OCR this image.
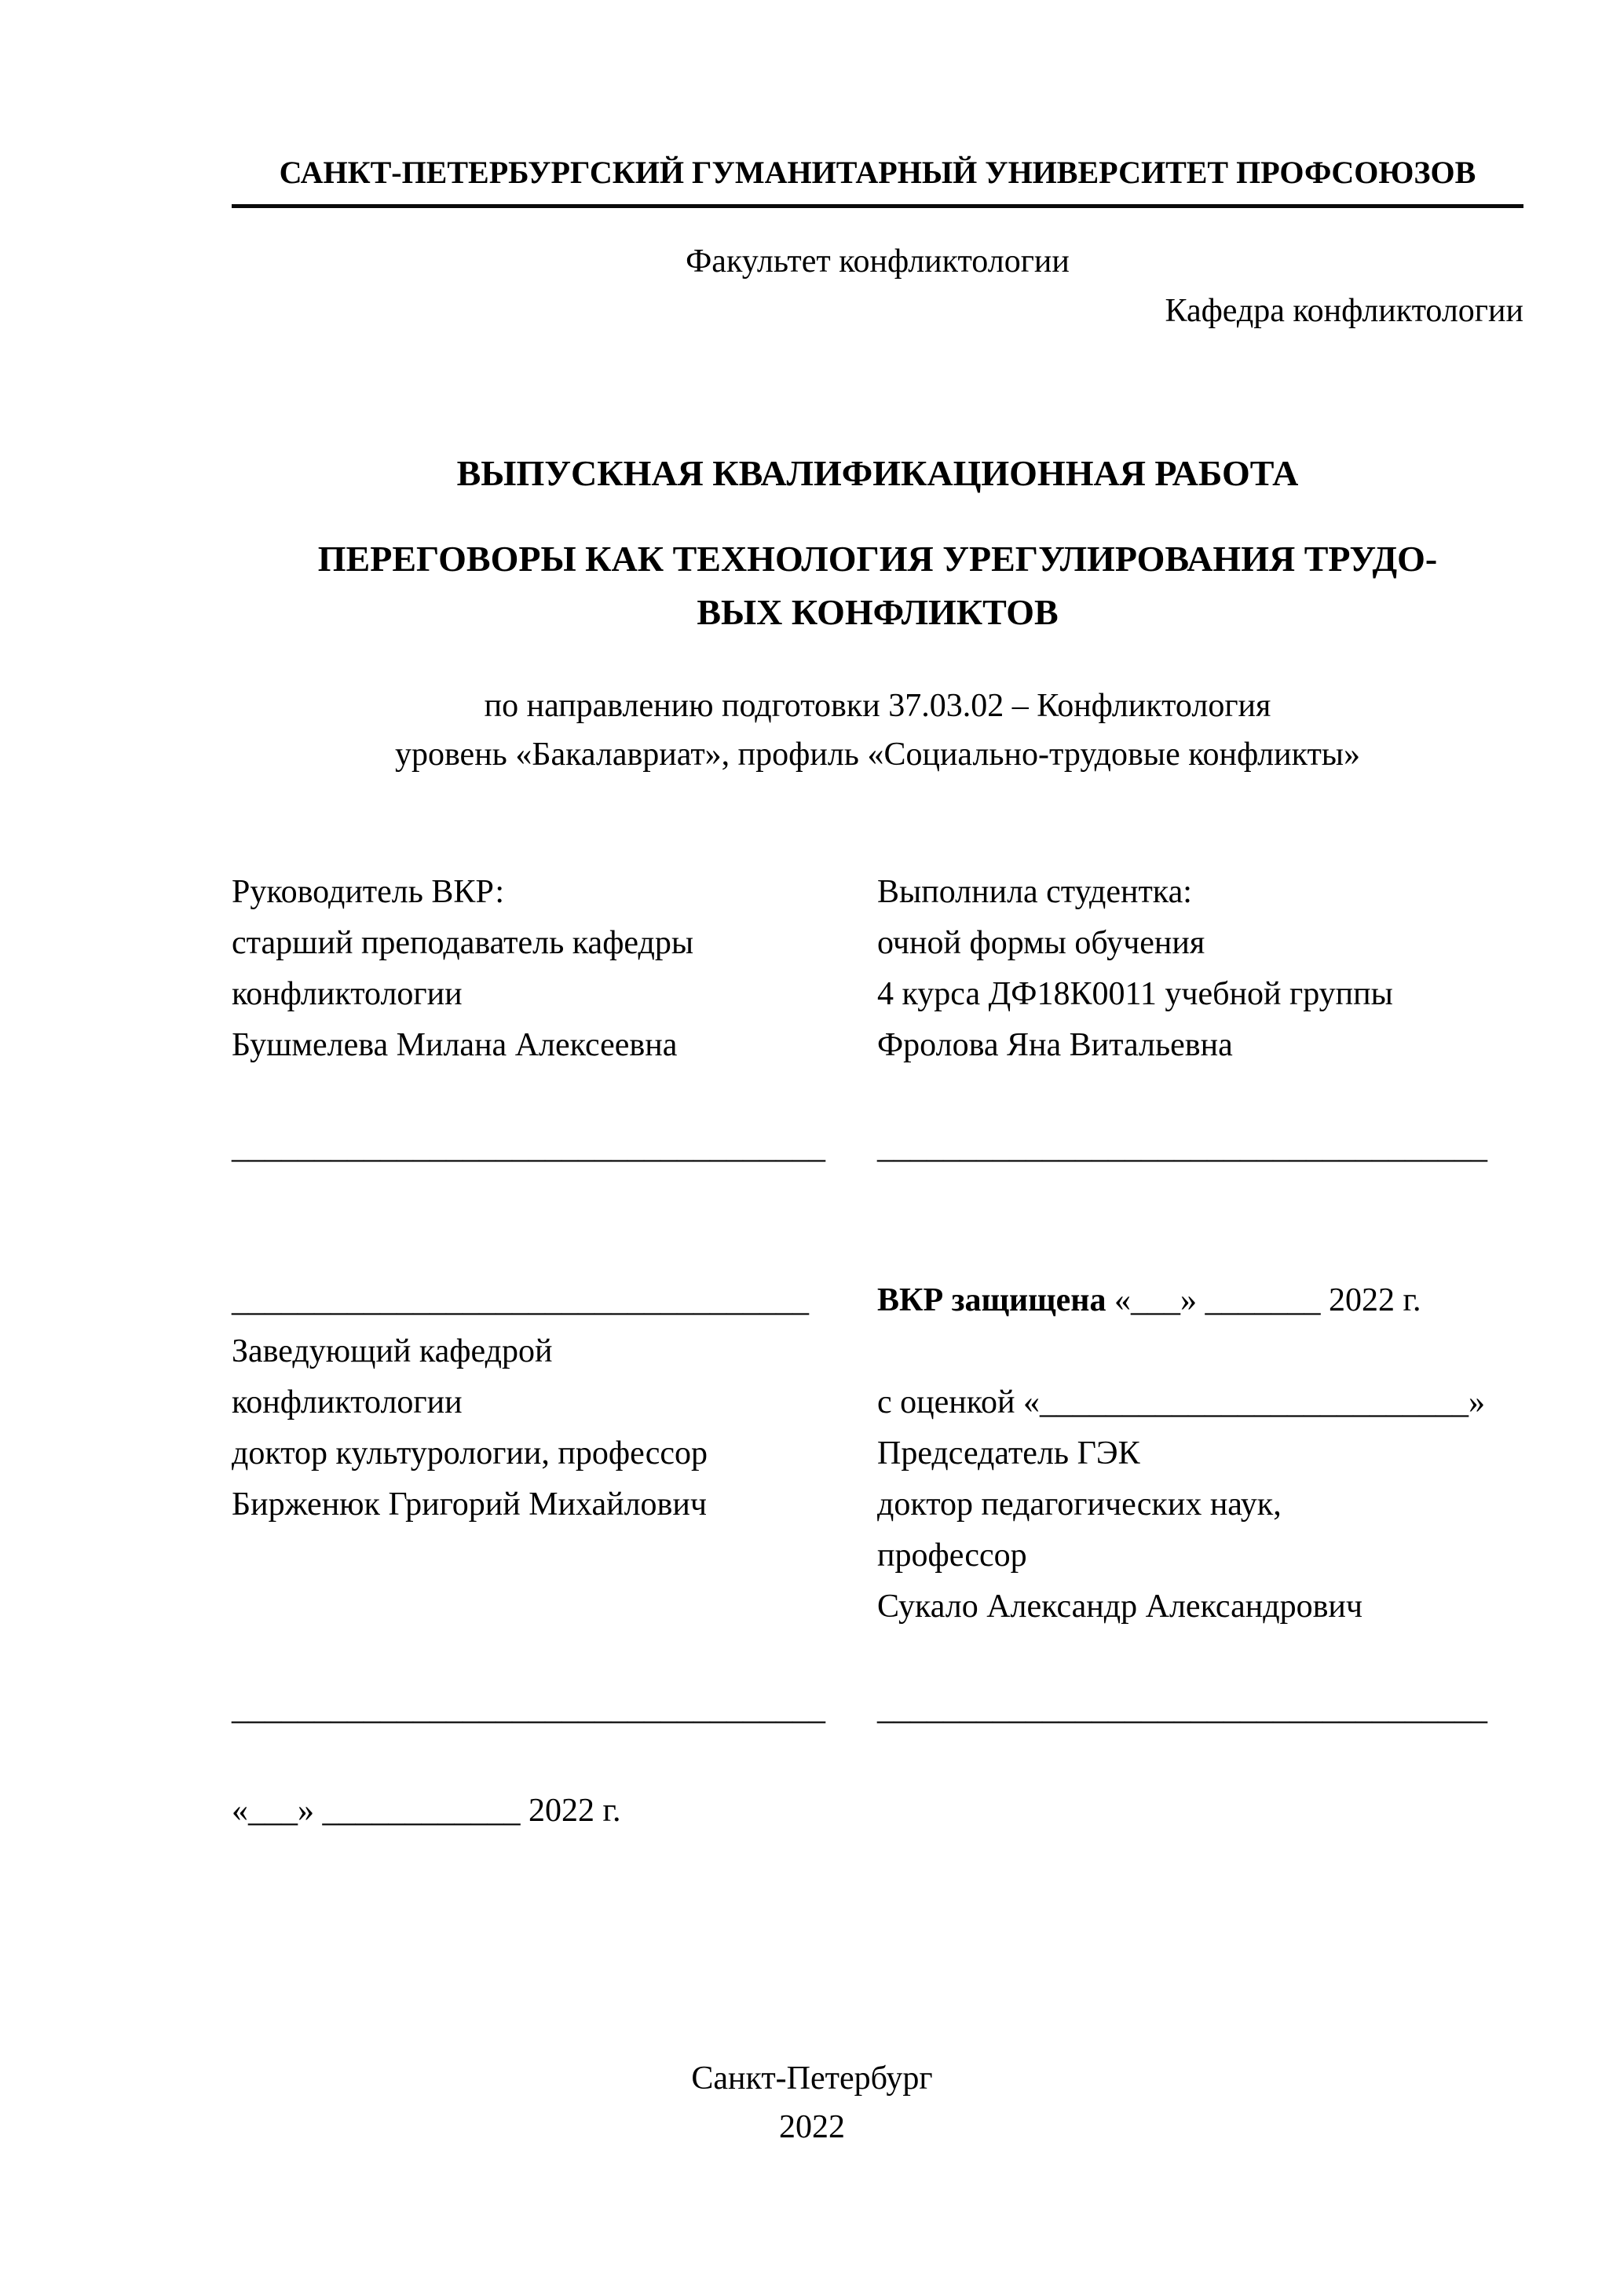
САНКТ-ПЕТЕРБУРГСКИЙ ГУМАНИТАРНЫЙ УНИВЕРСИТЕТ ПРОФСОЮЗОВ
Факультет конфликтологии
Кафедра конфликтологии
ВЫПУСКНАЯ КВАЛИФИКАЦИОННАЯ РАБОТА
ПЕРЕГОВОРЫ КАК ТЕХНОЛОГИЯ УРЕГУЛИРОВАНИЯ ТРУДО-
ВЫХ КОНФЛИКТОВ
по направлению подготовки 37.03.02 – Конфликтология
уровень «Бакалавриат», профиль «Социально-трудовые конфликты»
Руководитель ВКР:
старший преподаватель кафедры
конфликтологии
Бушмелева Милана Алексеевна
____________________________________
___________________________________
Заведующий кафедрой
конфликтологии
доктор культурологии, профессор
Бирженюк Григорий Михайлович
____________________________________
«___» ____________ 2022 г.
Выполнила студентка:
очной формы обучения
4 курса ДФ18К0011 учебной группы
Фролова Яна Витальевна
_____________________________________
ВКР защищена «___» _______ 2022 г.
с оценкой «__________________________»
Председатель ГЭК
доктор педагогических наук,
профессор
Сукало Александр Александрович
_____________________________________
Санкт-Петербург
2022
